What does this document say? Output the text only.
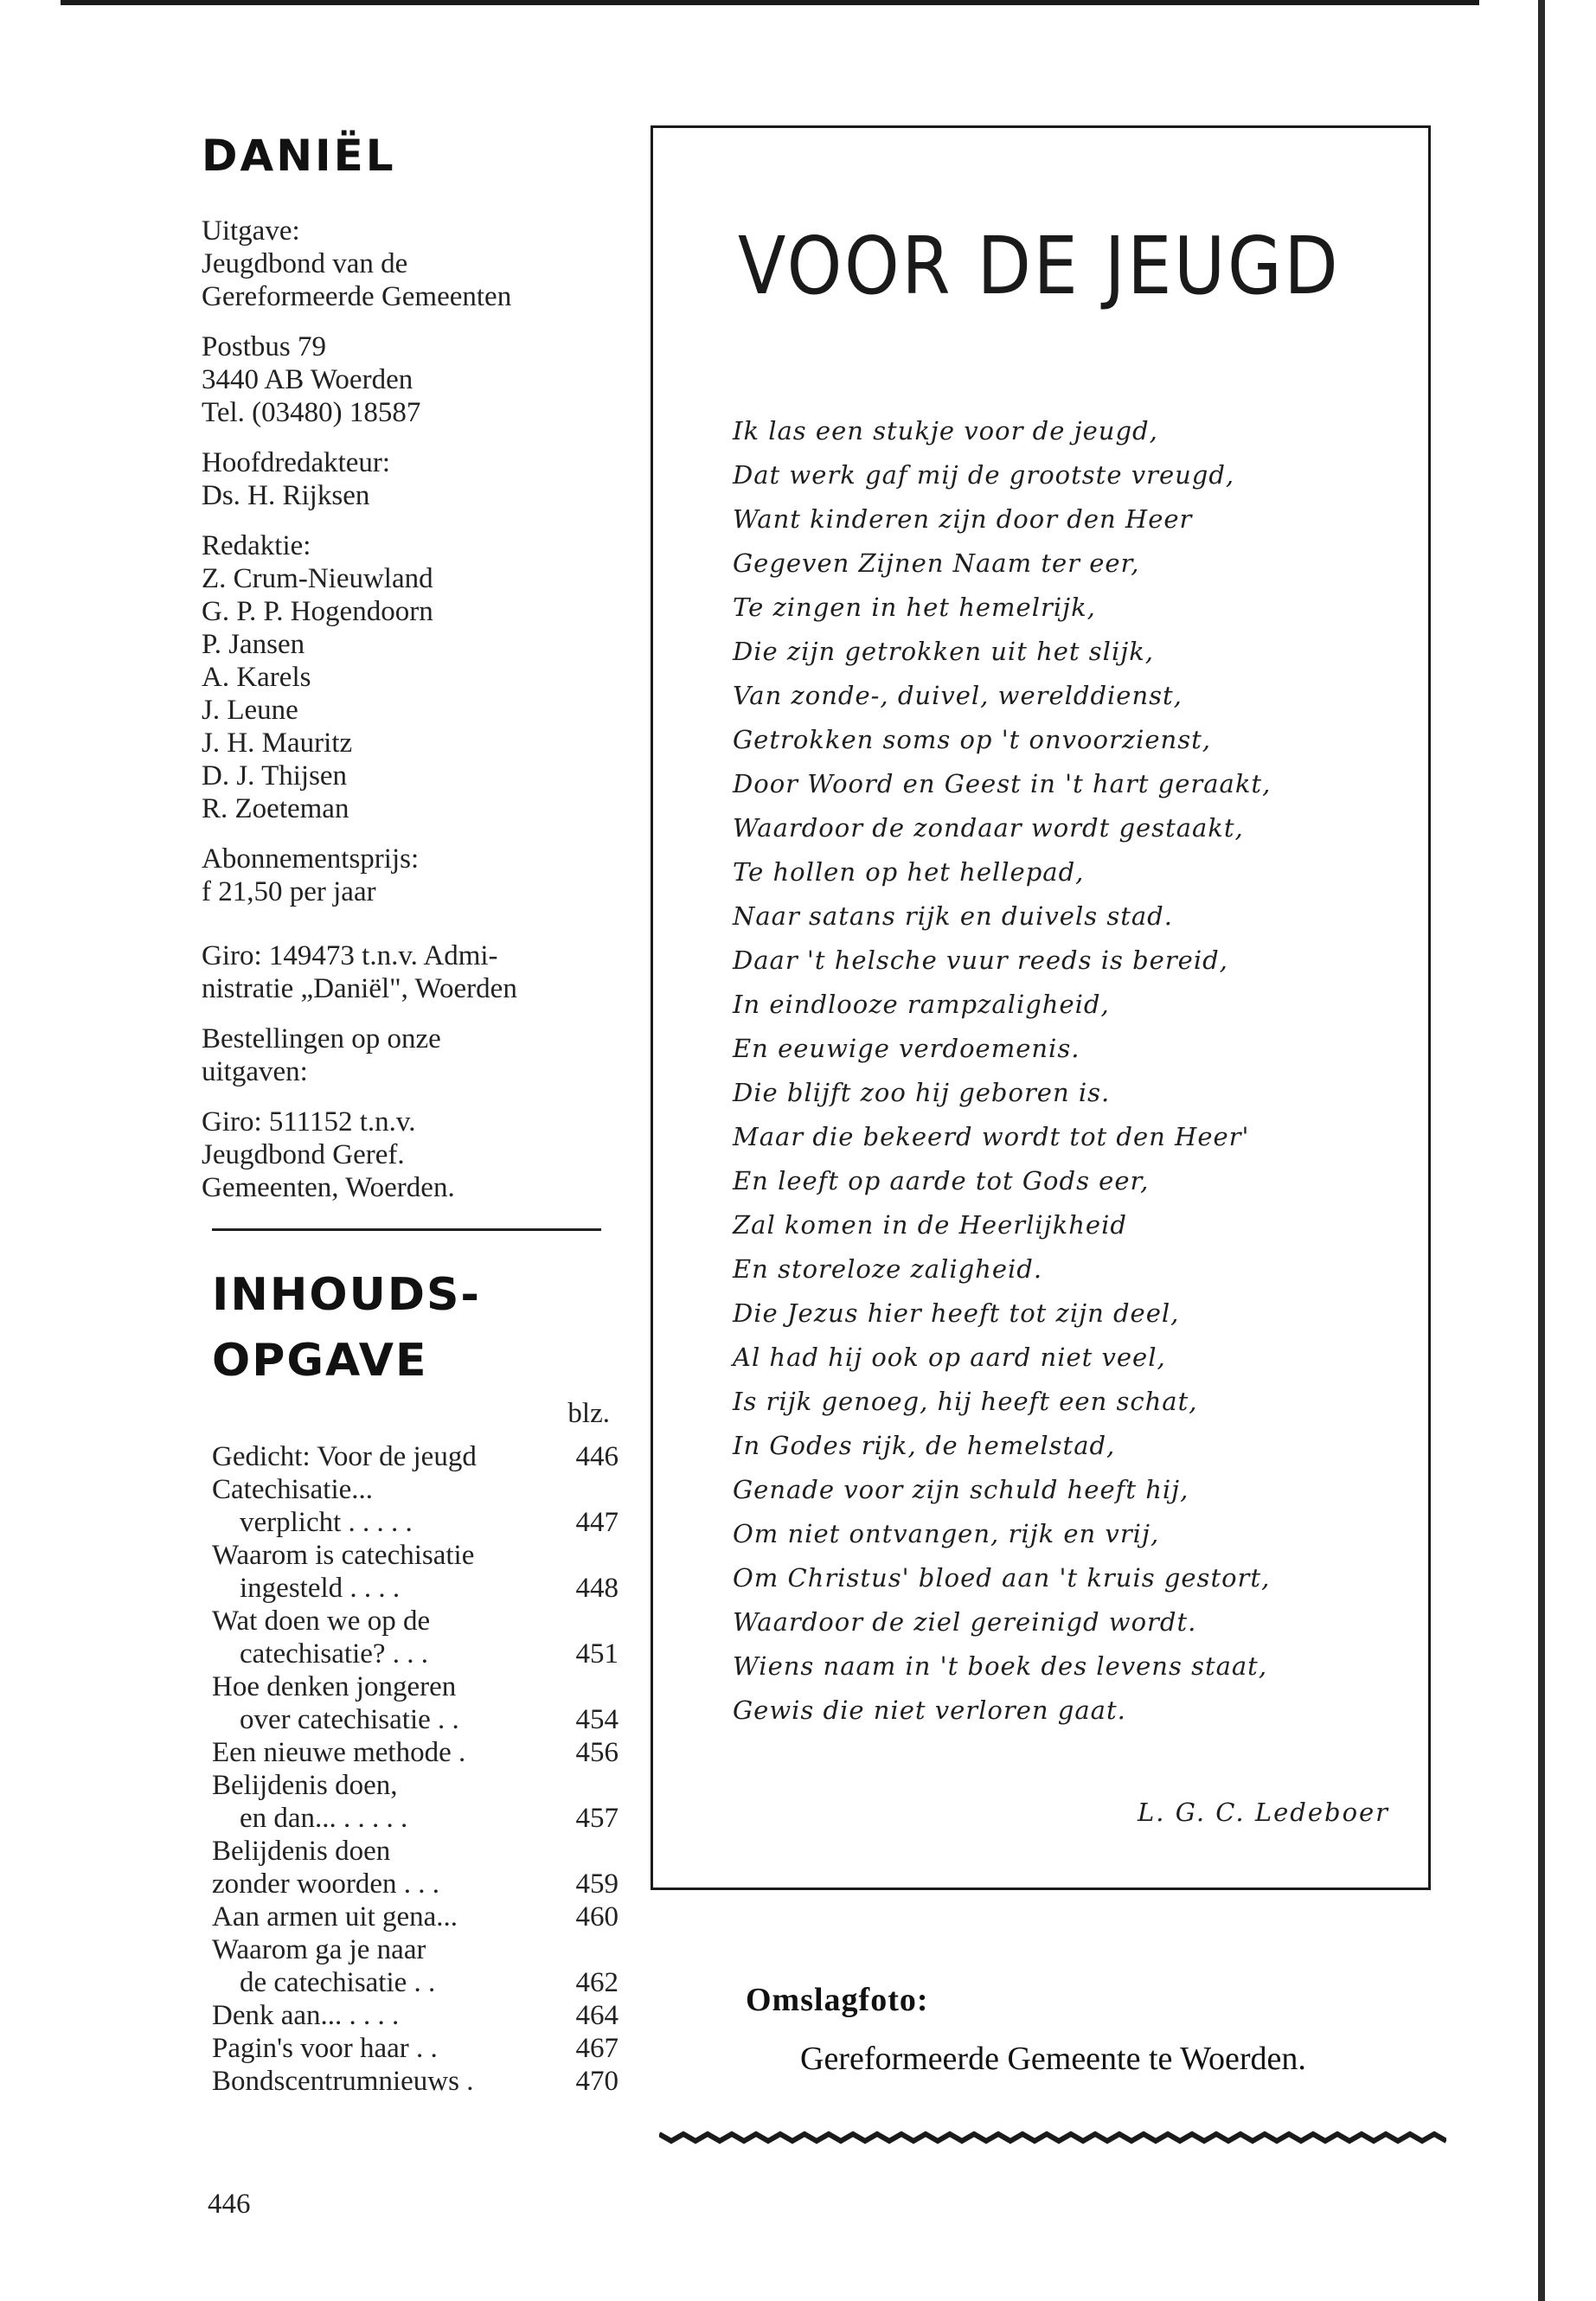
DANIËL
Uitgave:
Jeugdbond van de
Gereformeerde Gemeenten
Postbus 79
3440 AB Woerden
Tel. (03480) 18587
Hoofdredakteur:
Ds. H. Rijksen
Redaktie:
Z. Crum-Nieuwland
G. P. P. Hogendoorn
P. Jansen
A. Karels
J. Leune
J. H. Mauritz
D. J. Thijsen
R. Zoeteman
Abonnementsprijs:
f 21,50 per jaar
Giro: 149473 t.n.v. Admi-
nistratie „Daniël", Woerden
Bestellingen op onze
uitgaven:
Giro: 511152 t.n.v.
Jeugdbond Geref.
Gemeenten, Woerden.
INHOUDS-
OPGAVE
blz.
Gedicht: Voor de jeugd	446
Catechisatie...
verplicht . . . . .	447
Waarom is catechisatie
ingesteld . . . .	448
Wat doen we op de
catechisatie? . . .	451
Hoe denken jongeren
over catechisatie . .	454
Een nieuwe methode .	456
Belijdenis doen,
en dan... . . . . .	457
Belijdenis doen
zonder woorden . . .	459
Aan armen uit gena...	460
Waarom ga je naar
de catechisatie . .	462
Denk aan... . . . .	464
Pagin's voor haar . .	467
Bondscentrumnieuws .	470
446
VOOR DE JEUGD
Ik las een stukje voor de jeugd,
Dat werk gaf mij de grootste vreugd,
Want kinderen zijn door den Heer
Gegeven Zijnen Naam ter eer,
Te zingen in het hemelrijk,
Die zijn getrokken uit het slijk,
Van zonde-, duivel, werelddienst,
Getrokken soms op 't onvoorzienst,
Door Woord en Geest in 't hart geraakt,
Waardoor de zondaar wordt gestaakt,
Te hollen op het hellepad,
Naar satans rijk en duivels stad.
Daar 't helsche vuur reeds is bereid,
In eindlooze rampzaligheid,
En eeuwige verdoemenis.
Die blijft zoo hij geboren is.
Maar die bekeerd wordt tot den Heer'
En leeft op aarde tot Gods eer,
Zal komen in de Heerlijkheid
En storeloze zaligheid.
Die Jezus hier heeft tot zijn deel,
Al had hij ook op aard niet veel,
Is rijk genoeg, hij heeft een schat,
In Godes rijk, de hemelstad,
Genade voor zijn schuld heeft hij,
Om niet ontvangen, rijk en vrij,
Om Christus' bloed aan 't kruis gestort,
Waardoor de ziel gereinigd wordt.
Wiens naam in 't boek des levens staat,
Gewis die niet verloren gaat.
L. G. C. Ledeboer
Omslagfoto:
Gereformeerde Gemeente te Woerden.
